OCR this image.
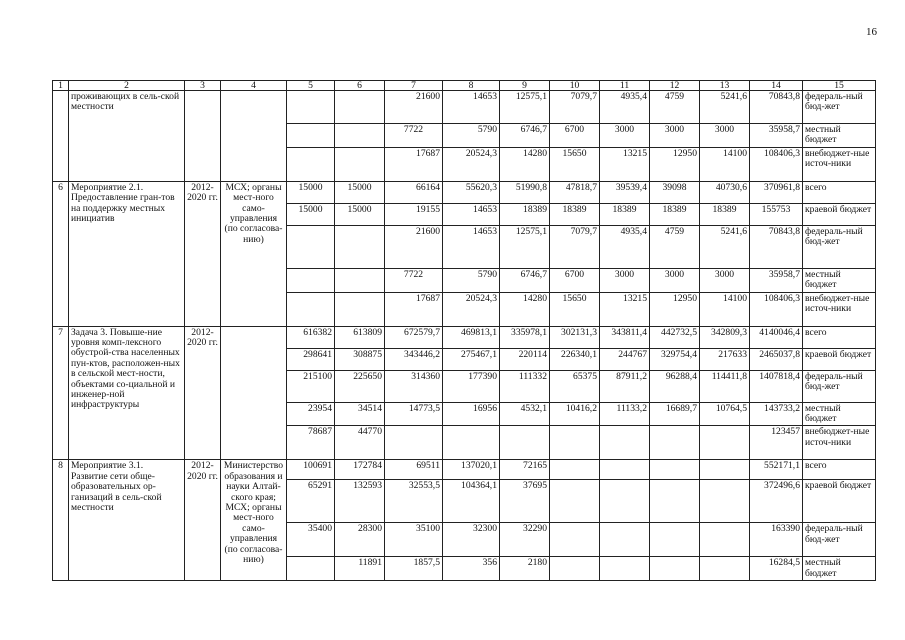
16
1	2	3	4	5	6	7	8	9	10	11	12	13	14	15
	проживающих в сель-ской местности					21600	14653	12575,1	7079,7	4935,4	4759	5241,6	70843,8	федераль-ный бюд-жет
						7722	5790	6746,7	6700	3000	3000	3000	35958,7	местный бюджет
						17687	20524,3	14280	15650	13215	12950	14100	108406,3	внебюджет-ные источ-ники
6	Мероприятие 2.1. Предоставление гран-тов на поддержку местных инициатив	2012-2020 гг.	МСХ; органы мест-ного само-управления (по согласова-нию)	15000	15000	66164	55620,3	51990,8	47818,7	39539,4	39098	40730,6	370961,8	всего
				15000	15000	19155	14653	18389	18389	18389	18389	18389	155753	краевой бюджет
						21600	14653	12575,1	7079,7	4935,4	4759	5241,6	70843,8	федераль-ный бюд-жет
						7722	5790	6746,7	6700	3000	3000	3000	35958,7	местный бюджет
						17687	20524,3	14280	15650	13215	12950	14100	108406,3	внебюджет-ные источ-ники
7	Задача 3. Повыше-ние уровня комп-лексного обустрой-ства населенных пун-ктов, расположен-ных в сельской мест-ности, объектами со-циальной и инженер-ной инфраструктуры	2012-2020 гг.		616382	613809	672579,7	469813,1	335978,1	302131,3	343811,4	442732,5	342809,3	4140046,4	всего
				298641	308875	343446,2	275467,1	220114	226340,1	244767	329754,4	217633	2465037,8	краевой бюджет
				215100	225650	314360	177390	111332	65375	87911,2	96288,4	114411,8	1407818,4	федераль-ный бюд-жет
				23954	34514	14773,5	16956	4532,1	10416,2	11133,2	16689,7	10764,5	143733,2	местный бюджет
				78687	44770								123457	внебюджет-ные источ-ники
8	Мероприятие 3.1. Развитие сети обще-образовательных ор-ганизаций в сель-ской местности	2012-2020 гг.	Министерство образования и науки Алтай-ского края; МСХ; органы мест-ного само-управления (по согласова-нию)	100691	172784	69511	137020,1	72165					552171,1	всего
				65291	132593	32553,5	104364,1	37695					372496,6	краевой бюджет
				35400	28300	35100	32300	32290					163390	федераль-ный бюд-жет
					11891	1857,5	356	2180					16284,5	местный бюджет
